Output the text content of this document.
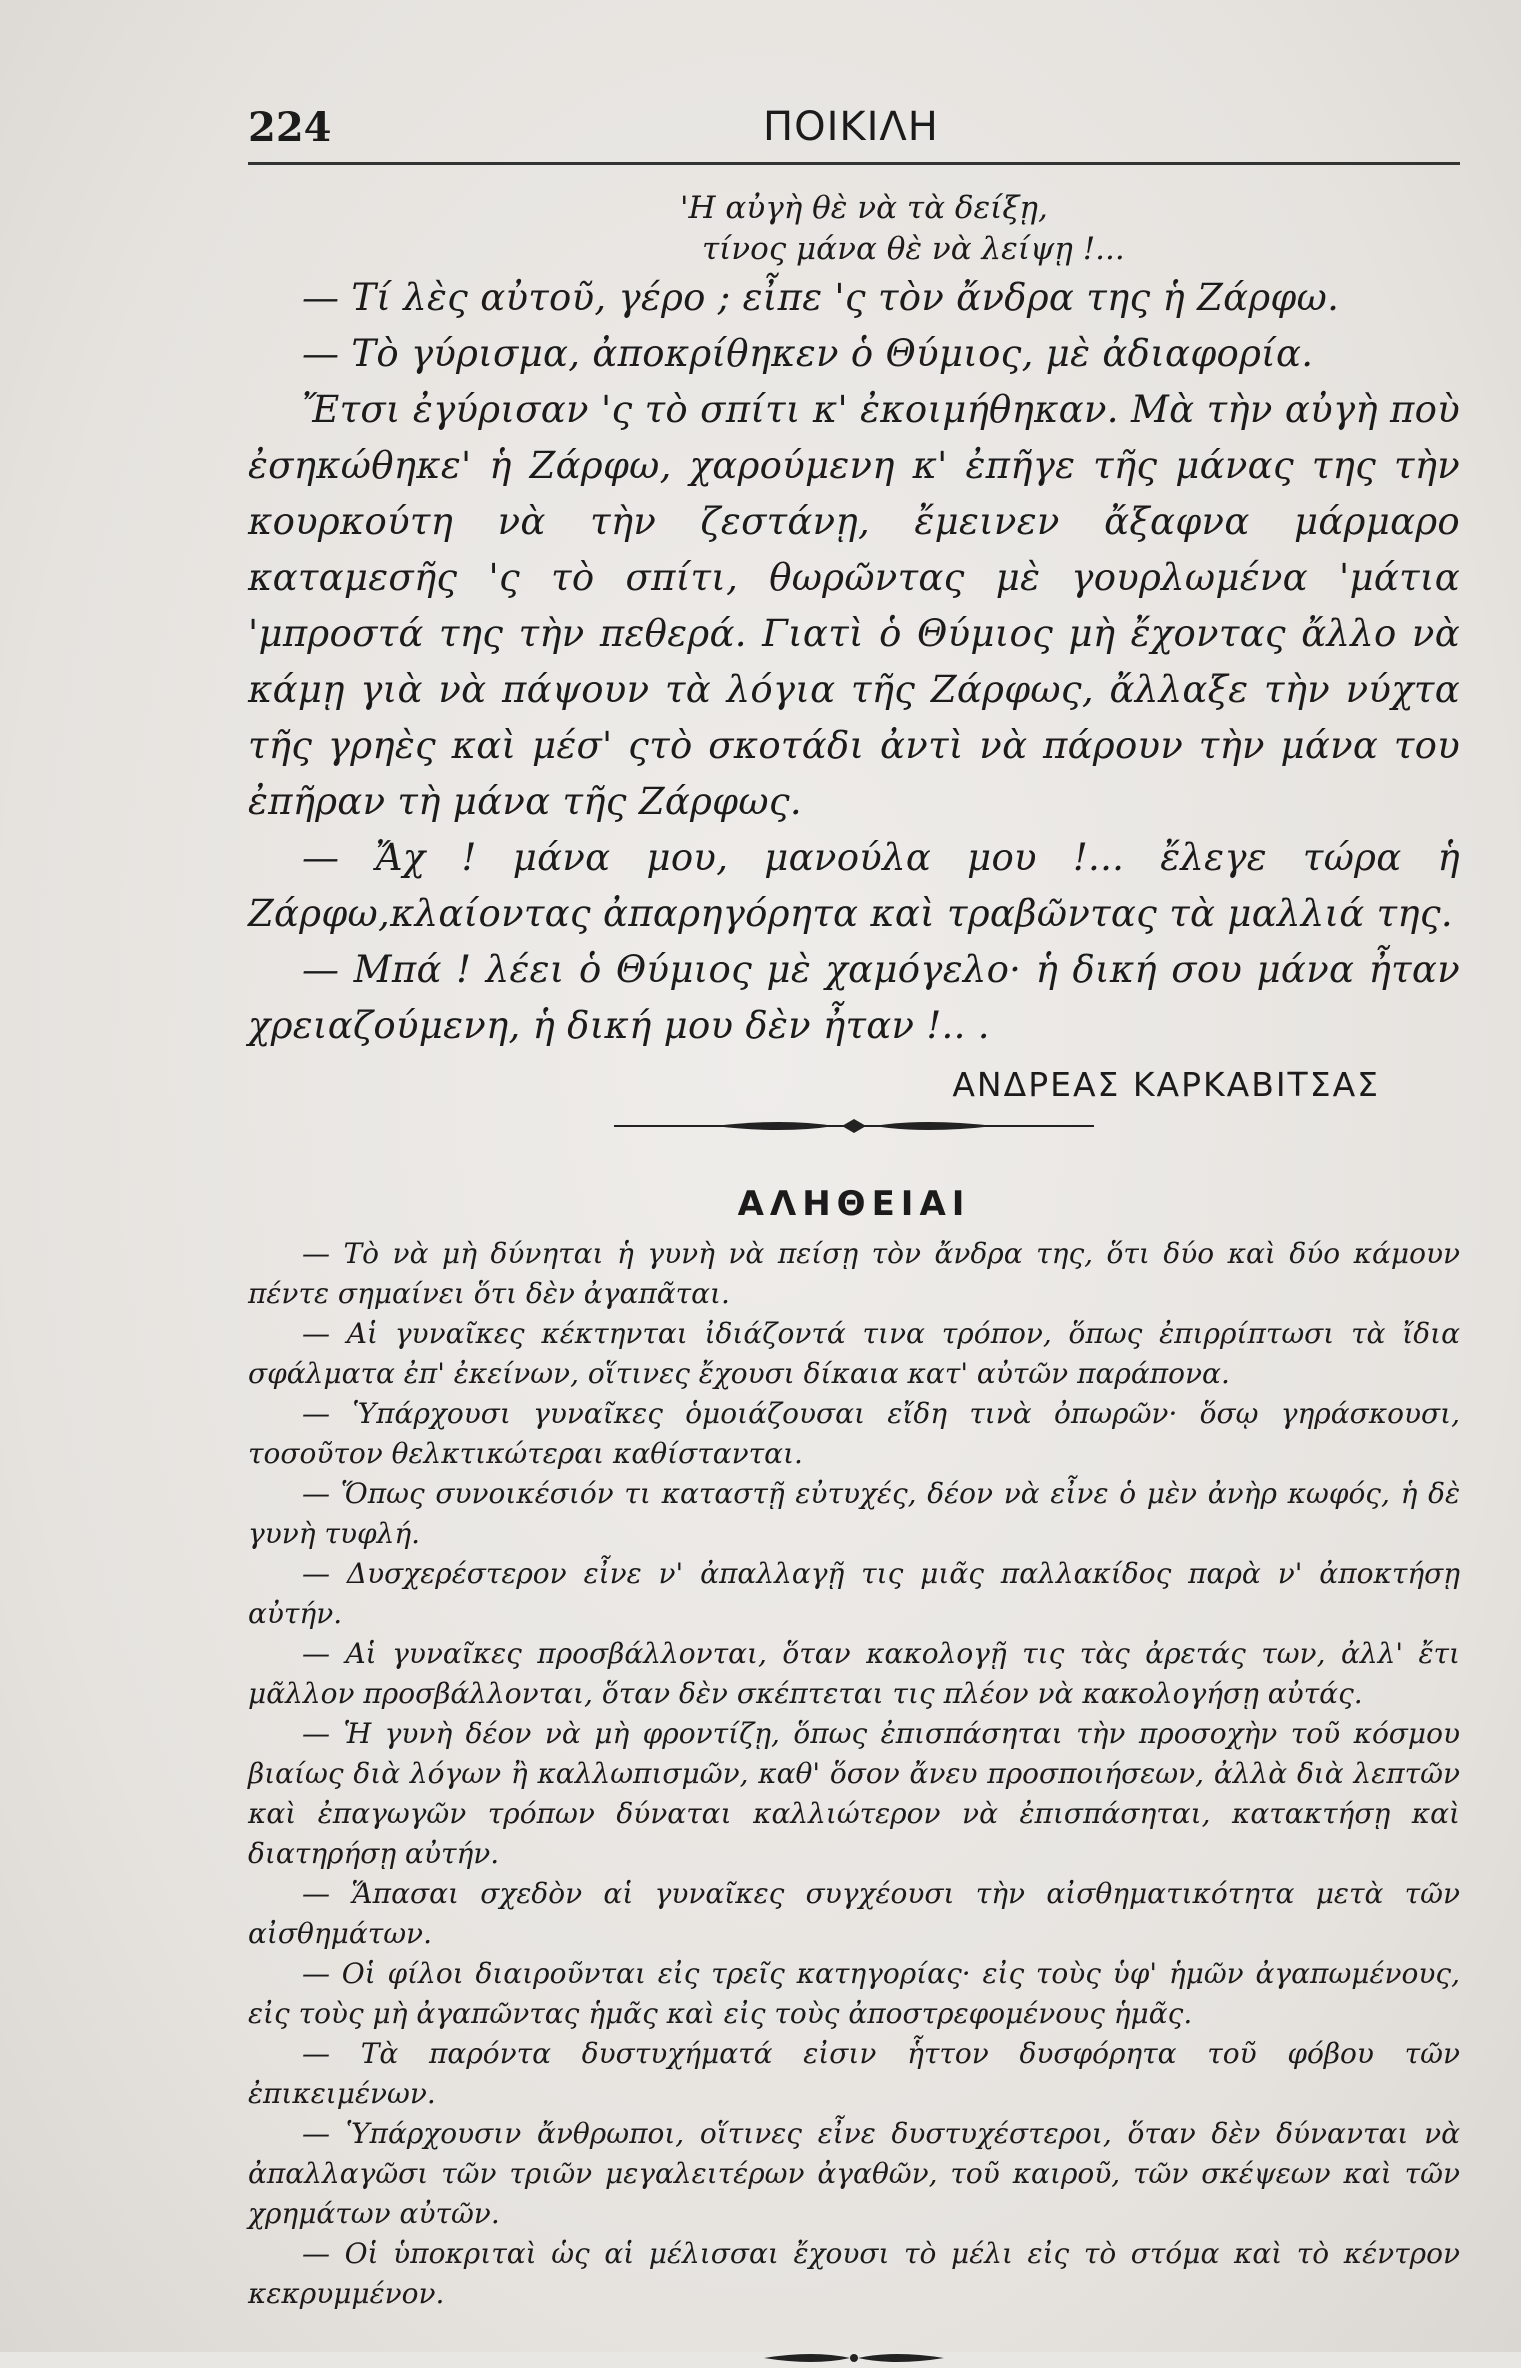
224	ΠΟΙΚΙΛΗ
'Η αὐγὴ θὲ νὰ τὰ δείξῃ,
τίνος μάνα θὲ νὰ λείψῃ !...

— Τί λὲς αὐτοῦ, γέρο ; εἶπε 'ς τὸν ἄνδρα της ἡ Ζάρφω.

— Τὸ γύρισμα, ἀποκρίθηκεν ὁ Θύμιος, μὲ ἀδιαφορία.

Ἔτσι ἐγύρισαν 'ς τὸ σπίτι κ' ἐκοιμήθηκαν. Μὰ τὴν αὐγὴ ποὺ ἐσηκώθηκε' ἡ Ζάρφω, χαρούμενη κ' ἐπῆγε τῆς μάνας της τὴν κουρκούτη νὰ τὴν ζεστάνῃ, ἔμεινεν ἄξαφνα μάρμαρο καταμεσῆς 'ς τὸ σπίτι, θωρῶντας μὲ γουρλωμένα 'μάτια 'μπροστά της τὴν πεθερά. Γιατὶ ὁ Θύμιος μὴ ἔχοντας ἄλλο νὰ κάμῃ γιὰ νὰ πάψουν τὰ λόγια τῆς Ζάρφως, ἄλλαξε τὴν νύχτα τῆς γρηὲς καὶ μέσ' ςτὸ σκοτάδι ἀντὶ νὰ πάρουν τὴν μάνα του ἐπῆραν τὴ μάνα τῆς Ζάρφως.

— Ἄχ ! μάνα μου, μανούλα μου !... ἔλεγε τώρα ἡ Ζάρφω,κλαίοντας ἀπαρηγόρητα καὶ τραβῶντας τὰ μαλλιά της.

— Μπά ! λέει ὁ Θύμιος μὲ χαμόγελο· ἡ δική σου μάνα ἦταν χρειαζούμενη, ἡ δική μου δὲν ἦταν !.. .

ΑΝΔΡΕΑΣ ΚΑΡΚΑΒΙΤΣΑΣ
ΑΛΗΘΕΙΑΙ

— Τὸ νὰ μὴ δύνηται ἡ γυνὴ νὰ πείσῃ τὸν ἄνδρα της, ὅτι δύο καὶ δύο κάμουν πέντε σημαίνει ὅτι δὲν ἀγαπᾶται.

— Αἱ γυναῖκες κέκτηνται ἰδιάζοντά τινα τρόπον, ὅπως ἐπιρρίπτωσι τὰ ἴδια σφάλματα ἐπ' ἐκείνων, οἵτινες ἔχουσι δίκαια κατ' αὐτῶν παράπονα.

— Ὑπάρχουσι γυναῖκες ὁμοιάζουσαι εἴδη τινὰ ὀπωρῶν· ὅσῳ γηράσκουσι, τοσοῦτον θελκτικώτεραι καθίστανται.

— Ὅπως συνοικέσιόν τι καταστῇ εὐτυχές, δέον νὰ εἶνε ὁ μὲν ἀνὴρ κωφός, ἡ δὲ γυνὴ τυφλή.

— Δυσχερέστερον εἶνε ν' ἀπαλλαγῇ τις μιᾶς παλλακίδος παρὰ ν' ἀποκτήσῃ αὐτήν.

— Αἱ γυναῖκες προσβάλλονται, ὅταν κακολογῇ τις τὰς ἀρετάς των, ἀλλ' ἔτι μᾶλλον προσβάλλονται, ὅταν δὲν σκέπτεται τις πλέον νὰ κακολογήσῃ αὐτάς.

— Ἡ γυνὴ δέον νὰ μὴ φροντίζῃ, ὅπως ἐπισπάσηται τὴν προσοχὴν τοῦ κόσμου βιαίως διὰ λόγων ἢ καλλωπισμῶν, καθ' ὅσον ἄνευ προσποιήσεων, ἀλλὰ διὰ λεπτῶν καὶ ἐπαγωγῶν τρόπων δύναται καλλιώτερον νὰ ἐπισπάσηται, κατακτήσῃ καὶ διατηρήσῃ αὐτήν.

— Ἅπασαι σχεδὸν αἱ γυναῖκες συγχέουσι τὴν αἰσθηματικότητα μετὰ τῶν αἰσθημάτων.

— Οἱ φίλοι διαιροῦνται εἰς τρεῖς κατηγορίας· εἰς τοὺς ὑφ' ἡμῶν ἀγαπωμένους, εἰς τοὺς μὴ ἀγαπῶντας ἡμᾶς καὶ εἰς τοὺς ἀποστρεφομένους ἡμᾶς.

— Τὰ παρόντα δυστυχήματά εἰσιν ἧττον δυσφόρητα τοῦ φόβου τῶν ἐπικειμένων.

— Ὑπάρχουσιν ἄνθρωποι, οἵτινες εἶνε δυστυχέστεροι, ὅταν δὲν δύνανται νὰ ἀπαλλαγῶσι τῶν τριῶν μεγαλειτέρων ἀγαθῶν, τοῦ καιροῦ, τῶν σκέψεων καὶ τῶν χρημάτων αὐτῶν.

— Οἱ ὑποκριταὶ ὡς αἱ μέλισσαι ἔχουσι τὸ μέλι εἰς τὸ στόμα καὶ τὸ κέντρον κεκρυμμένον.
